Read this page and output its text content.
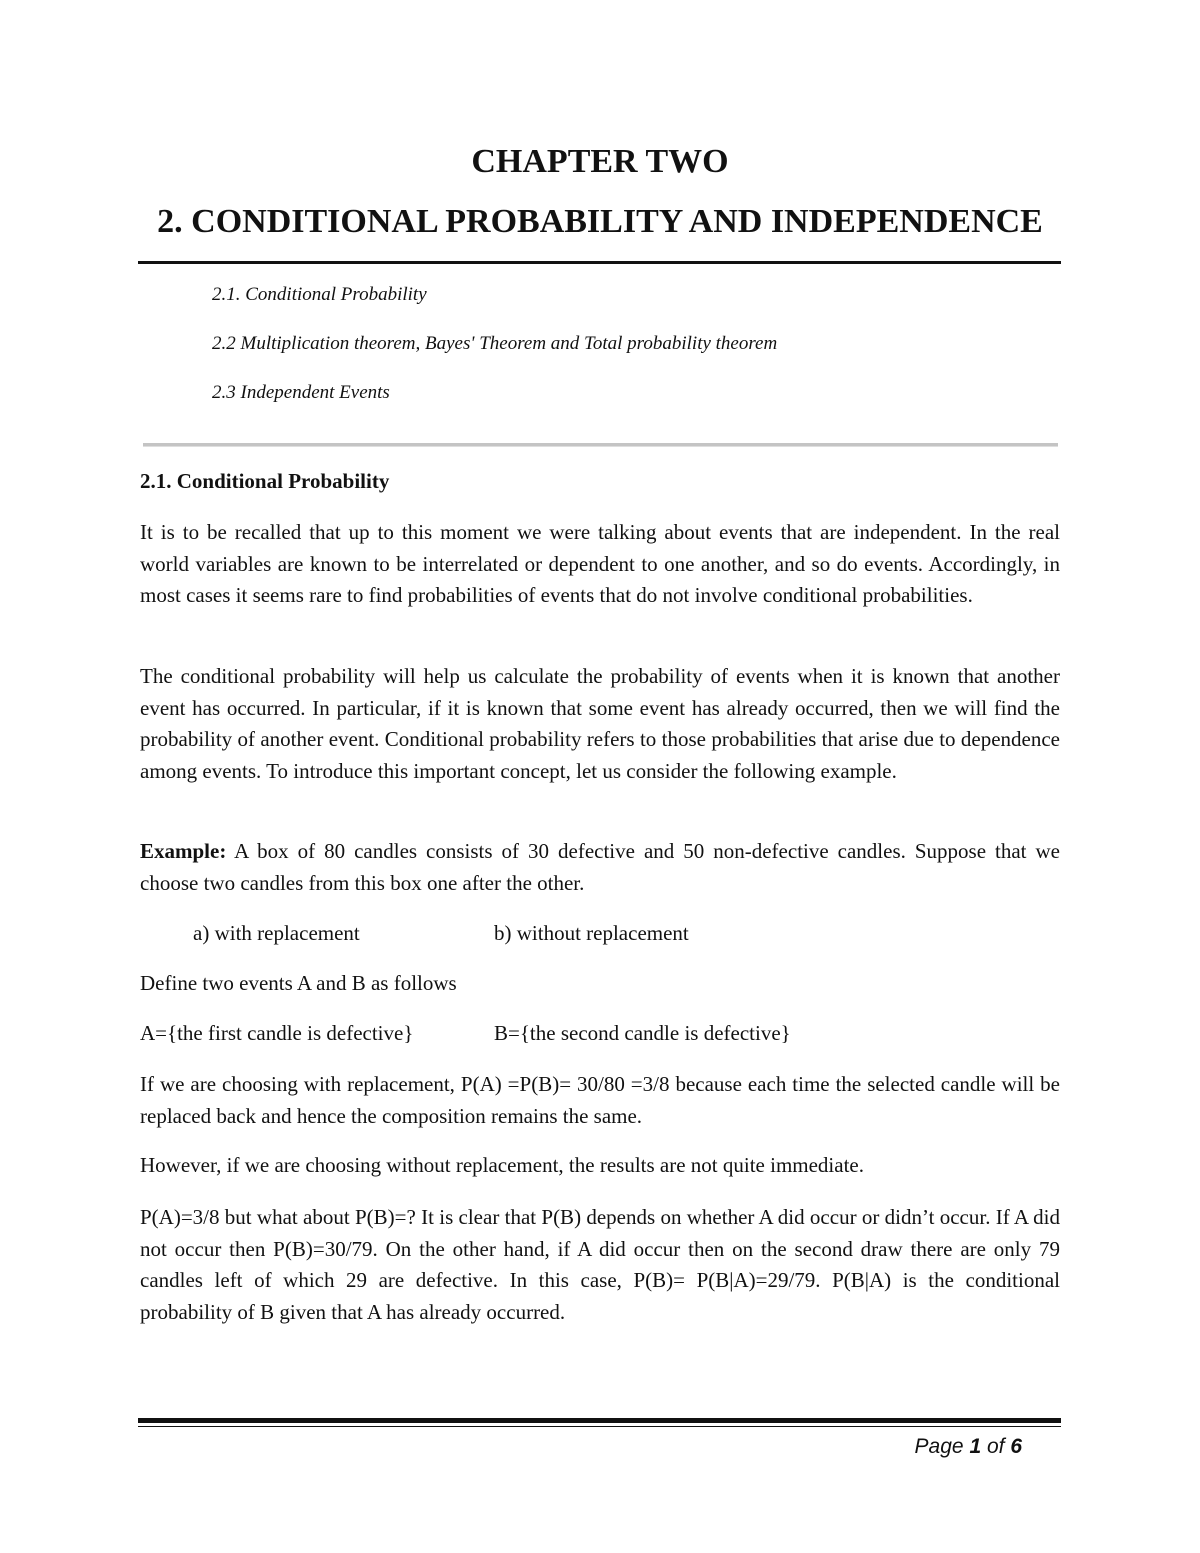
CHAPTER TWO
2. CONDITIONAL PROBABILITY AND INDEPENDENCE
2.1. Conditional Probability
2.2 Multiplication theorem, Bayes' Theorem and Total probability theorem
2.3 Independent Events
2.1. Conditional Probability
It is to be recalled that up to this moment we were talking about events that are independent. In the real world variables are known to be interrelated or dependent to one another, and so do events. Accordingly, in most cases it seems rare to find probabilities of events that do not involve conditional probabilities.
The conditional probability will help us calculate the probability of events when it is known that another event has occurred. In particular, if it is known that some event has already occurred, then we will find the probability of another event. Conditional probability refers to those probabilities that arise due to dependence among events. To introduce this important concept, let us consider the following example.
Example: A box of 80 candles consists of 30 defective and 50 non-defective candles. Suppose that we choose two candles from this box one after the other.
a) with replacement	b) without replacement
Define two events A and B as follows
A={the first candle is defective}	B={the second candle is defective}
If we are choosing with replacement, P(A) =P(B)= 30/80 =3/8 because each time the selected candle will be replaced back and hence the composition remains the same.
However, if we are choosing without replacement, the results are not quite immediate.
P(A)=3/8 but what about P(B)=? It is clear that P(B) depends on whether A did occur or didn’t occur. If A did not occur then P(B)=30/79. On the other hand, if A did occur then on the second draw there are only 79 candles left of which 29 are defective. In this case, P(B)= P(B|A)=29/79. P(B|A) is the conditional probability of B given that A has already occurred.
Page 1 of 6
